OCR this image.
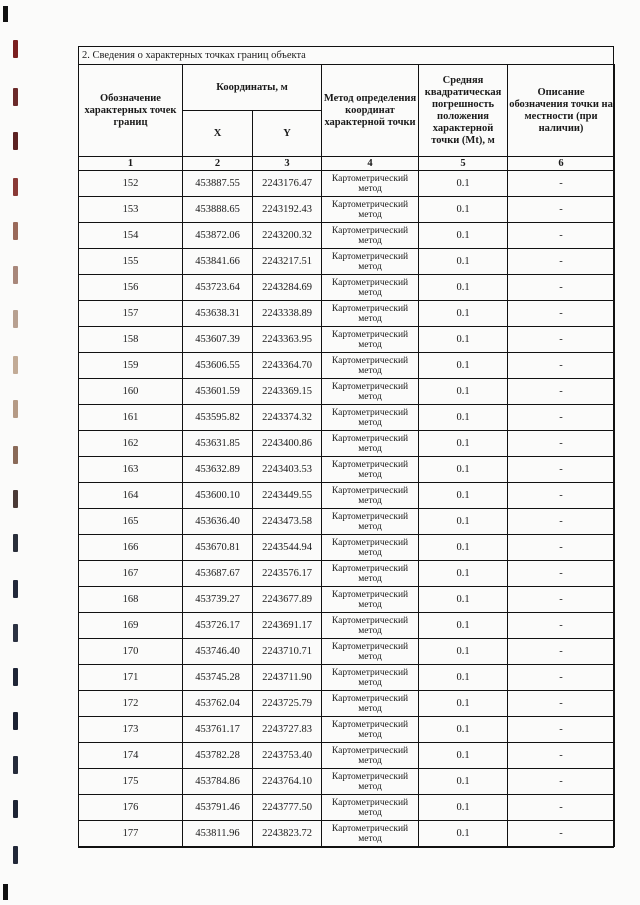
2. Сведения о характерных точках границ объекта
Обозначение характерных точек границ	Координаты, м		Метод определения координат характерной точки	Средняя квадратическая погрешность положения характерной точки (Mt), м	Описание обозначения точки на местности (при наличии)
	X	Y			
1	2	3	4	5	6
152	453887.55	2243176.47	Картометрический метод	0.1	-
153	453888.65	2243192.43	Картометрический метод	0.1	-
154	453872.06	2243200.32	Картометрический метод	0.1	-
155	453841.66	2243217.51	Картометрический метод	0.1	-
156	453723.64	2243284.69	Картометрический метод	0.1	-
157	453638.31	2243338.89	Картометрический метод	0.1	-
158	453607.39	2243363.95	Картометрический метод	0.1	-
159	453606.55	2243364.70	Картометрический метод	0.1	-
160	453601.59	2243369.15	Картометрический метод	0.1	-
161	453595.82	2243374.32	Картометрический метод	0.1	-
162	453631.85	2243400.86	Картометрический метод	0.1	-
163	453632.89	2243403.53	Картометрический метод	0.1	-
164	453600.10	2243449.55	Картометрический метод	0.1	-
165	453636.40	2243473.58	Картометрический метод	0.1	-
166	453670.81	2243544.94	Картометрический метод	0.1	-
167	453687.67	2243576.17	Картометрический метод	0.1	-
168	453739.27	2243677.89	Картометрический метод	0.1	-
169	453726.17	2243691.17	Картометрический метод	0.1	-
170	453746.40	2243710.71	Картометрический метод	0.1	-
171	453745.28	2243711.90	Картометрический метод	0.1	-
172	453762.04	2243725.79	Картометрический метод	0.1	-
173	453761.17	2243727.83	Картометрический метод	0.1	-
174	453782.28	2243753.40	Картометрический метод	0.1	-
175	453784.86	2243764.10	Картометрический метод	0.1	-
176	453791.46	2243777.50	Картометрический метод	0.1	-
177	453811.96	2243823.72	Картометрический метод	0.1	-
